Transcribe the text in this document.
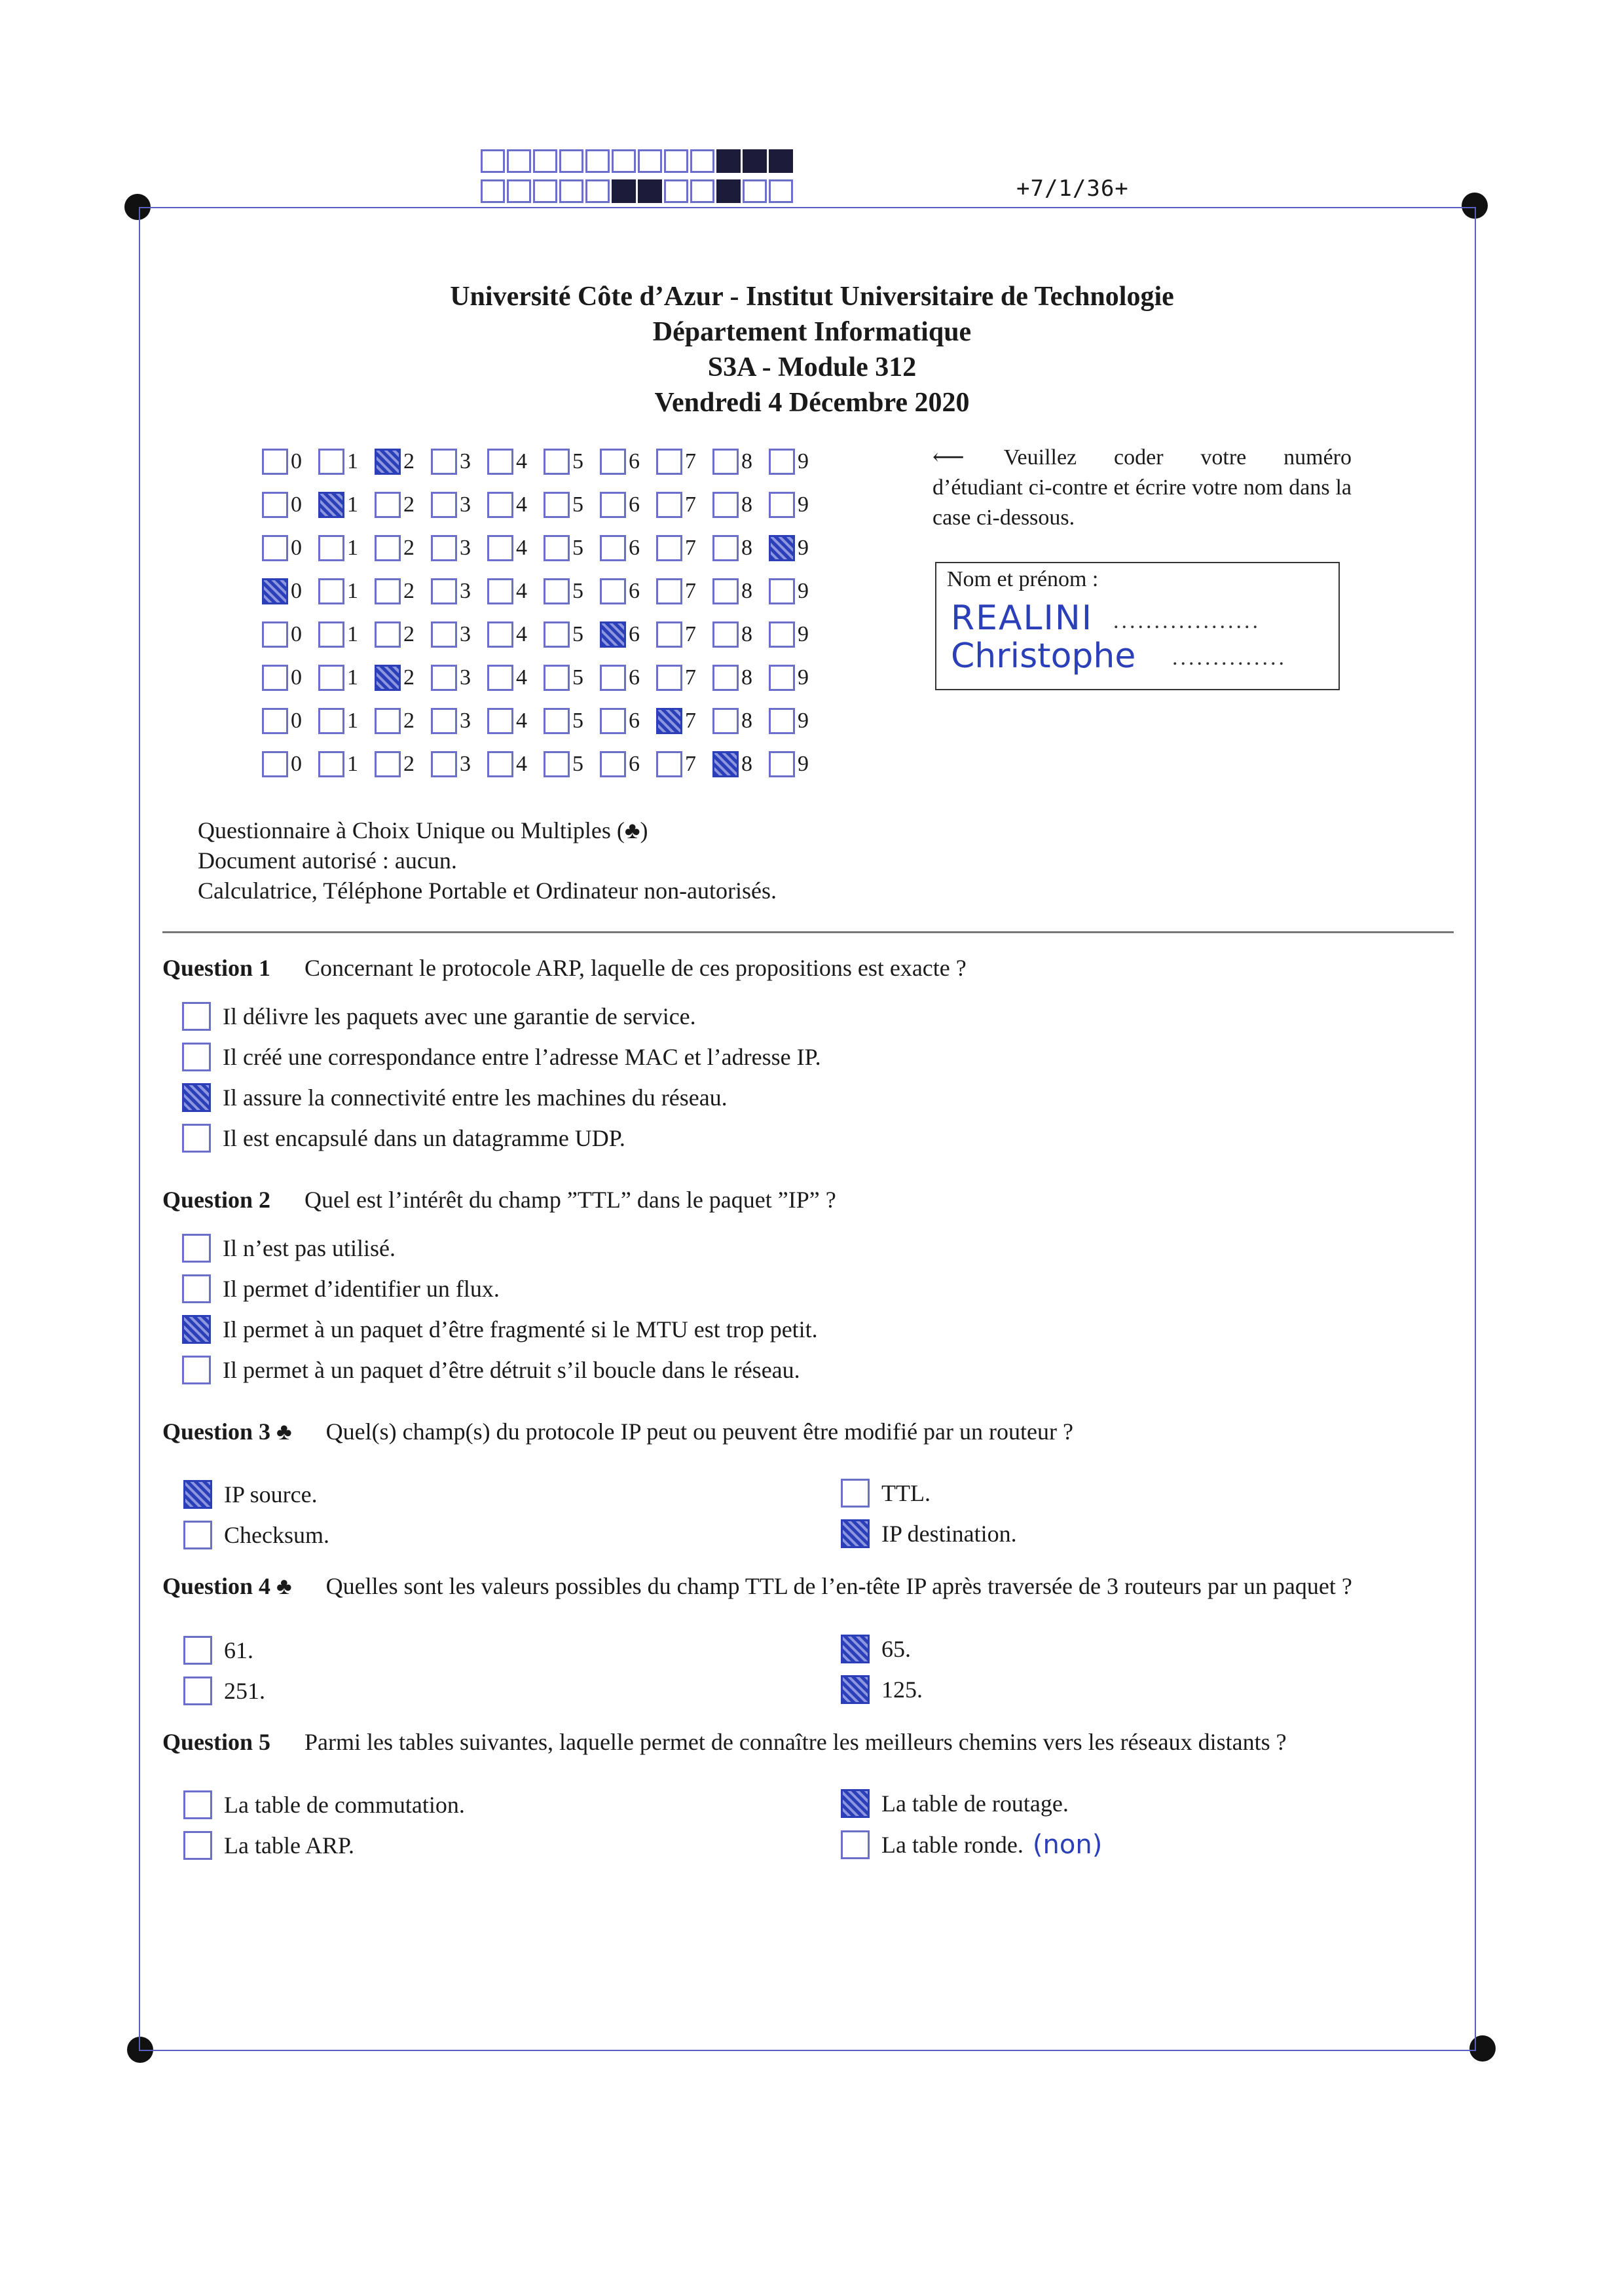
+7/1/36+
Université Côte d’Azur - Institut Universitaire de Technologie
Département Informatique
S3A - Module 312
Vendredi 4 Décembre 2020
0 1 2 3 4 5 6 7 8 9
0 1 2 3 4 5 6 7 8 9
0 1 2 3 4 5 6 7 8 9
0 1 2 3 4 5 6 7 8 9
0 1 2 3 4 5 6 7 8 9
0 1 2 3 4 5 6 7 8 9
0 1 2 3 4 5 6 7 8 9
0 1 2 3 4 5 6 7 8 9
⟵ Veuillez coder votre numéro d’étudiant ci-contre et écrire votre nom dans la case ci-dessous.
Nom et prénom :
REALINI ..................
Christophe ..............
Questionnaire à Choix Unique ou Multiples (♣)
Document autorisé : aucun.
Calculatrice, Téléphone Portable et Ordinateur non-autorisés.
Question 1 Concernant le protocole ARP, laquelle de ces propositions est exacte ?
Il délivre les paquets avec une garantie de service.
Il créé une correspondance entre l’adresse MAC et l’adresse IP.
Il assure la connectivité entre les machines du réseau.
Il est encapsulé dans un datagramme UDP.
Question 2 Quel est l’intérêt du champ ”TTL” dans le paquet ”IP” ?
Il n’est pas utilisé.
Il permet d’identifier un flux.
Il permet à un paquet d’être fragmenté si le MTU est trop petit.
Il permet à un paquet d’être détruit s’il boucle dans le réseau.
Question 3 ♣ Quel(s) champ(s) du protocole IP peut ou peuvent être modifié par un routeur ?
IP source.
Checksum.
TTL.
IP destination.
Question 4 ♣ Quelles sont les valeurs possibles du champ TTL de l’en-tête IP après traversée de 3 routeurs par un paquet ?
61.
251.
65.
125.
Question 5 Parmi les tables suivantes, laquelle permet de connaître les meilleurs chemins vers les réseaux distants ?
La table de commutation.
La table ARP.
La table de routage.
La table ronde. (non)
